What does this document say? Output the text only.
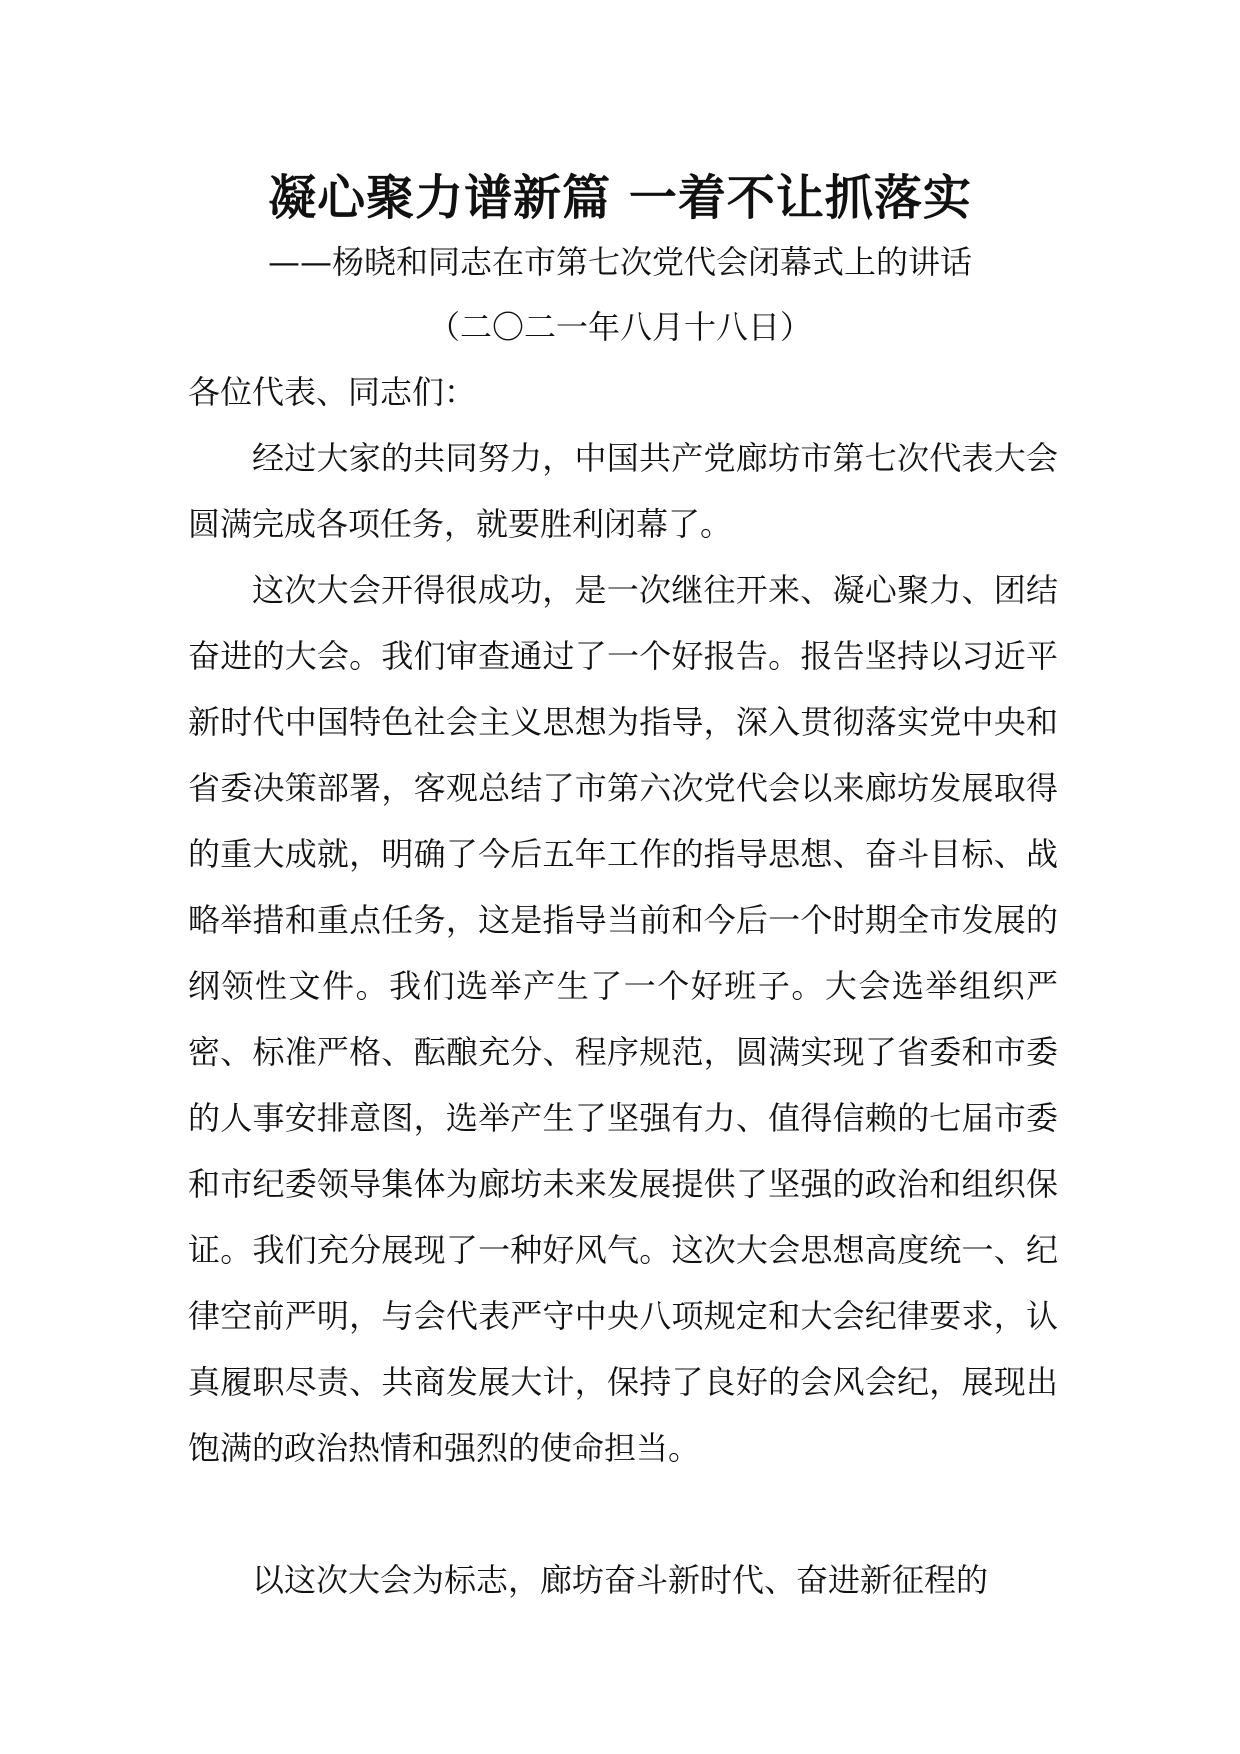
凝心聚力谱新篇 一着不让抓落实
——杨晓和同志在市第七次党代会闭幕式上的讲话
（二〇二一年八月十八日）
各位代表、同志们：

经过大家的共同努力，中国共产党廊坊市第七次代表大会圆满完成各项任务，就要胜利闭幕了。

这次大会开得很成功，是一次继往开来、凝心聚力、团结奋进的大会。我们审查通过了一个好报告。报告坚持以习近平新时代中国特色社会主义思想为指导，深入贯彻落实党中央和省委决策部署，客观总结了市第六次党代会以来廊坊发展取得的重大成就，明确了今后五年工作的指导思想、奋斗目标、战略举措和重点任务，这是指导当前和今后一个时期全市发展的纲领性文件。我们选举产生了一个好班子。大会选举组织严密、标准严格、酝酿充分、程序规范，圆满实现了省委和市委的人事安排意图，选举产生了坚强有力、值得信赖的七届市委和市纪委领导集体为廊坊未来发展提供了坚强的政治和组织保证。我们充分展现了一种好风气。这次大会思想高度统一、纪律空前严明，与会代表严守中央八项规定和大会纪律要求，认真履职尽责、共商发展大计，保持了良好的会风会纪，展现出饱满的政治热情和强烈的使命担当。

以这次大会为标志，廊坊奋斗新时代、奋进新征程的
